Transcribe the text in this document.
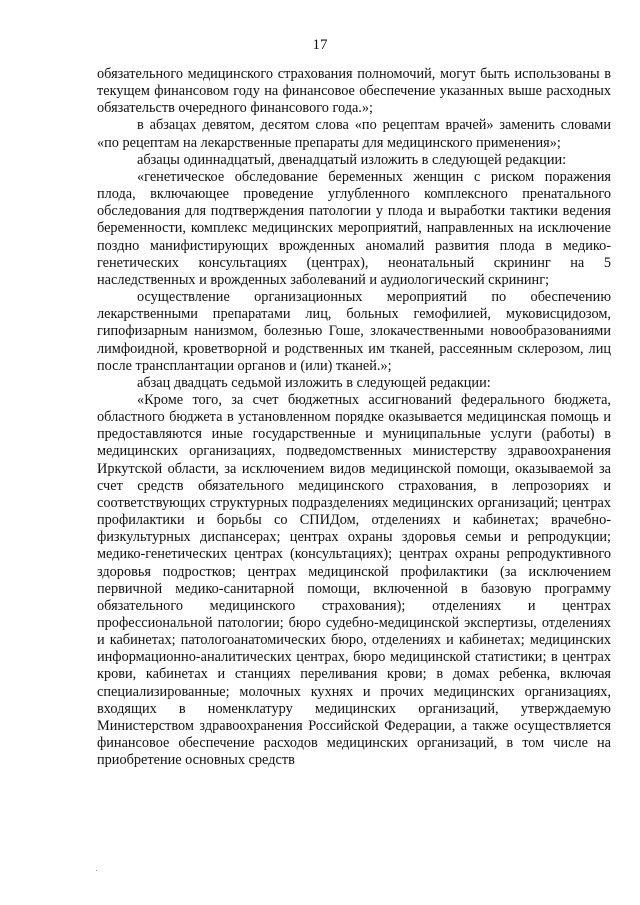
17

обязательного медицинского страхования полномочий, могут быть использованы в текущем финансовом году на финансовое обеспечение указанных выше расходных обязательств очередного финансового года.»;

в абзацах девятом, десятом слова «по рецептам врачей» заменить словами «по рецептам на лекарственные препараты для медицинского применения»;

абзацы одиннадцатый, двенадцатый изложить в следующей редакции:

«генетическое обследование беременных женщин с риском поражения плода, включающее проведение углубленного комплексного пренатального обследования для подтверждения патологии у плода и выработки тактики ведения беременности, комплекс медицинских мероприятий, направленных на исключение поздно манифистирующих врожденных аномалий развития плода в медико-генетических консультациях (центрах), неонатальный скрининг на 5 наследственных и врожденных заболеваний и аудиологический скрининг;

осуществление организационных мероприятий по обеспечению лекарственными препаратами лиц, больных гемофилией, муковисцидозом, гипофизарным нанизмом, болезнью Гоше, злокачественными новообразованиями лимфоидной, кроветворной и родственных им тканей, рассеянным склерозом, лиц после трансплантации органов и (или) тканей.»;

абзац двадцать седьмой изложить в следующей редакции:

«Кроме того, за счет бюджетных ассигнований федерального бюджета, областного бюджета в установленном порядке оказывается медицинская помощь и предоставляются иные государственные и муниципальные услуги (работы) в медицинских организациях, подведомственных министерству здравоохранения Иркутской области, за исключением видов медицинской помощи, оказываемой за счет средств обязательного медицинского страхования, в лепрозориях и соответствующих структурных подразделениях медицинских организаций; центрах профилактики и борьбы со СПИДом, отделениях и кабинетах; врачебно-физкультурных диспансерах; центрах охраны здоровья семьи и репродукции; медико-генетических центрах (консультациях); центрах охраны репродуктивного здоровья подростков; центрах медицинской профилактики (за исключением первичной медико-санитарной помощи, включенной в базовую программу обязательного медицинского страхования); отделениях и центрах профессиональной патологии; бюро судебно-медицинской экспертизы, отделениях и кабинетах; патологоанатомических бюро, отделениях и кабинетах; медицинских информационно-аналитических центрах, бюро медицинской статистики; в центрах крови, кабинетах и станциях переливания крови; в домах ребенка, включая специализированные; молочных кухнях и прочих медицинских организациях, входящих в номенклатуру медицинских организаций, утверждаемую Министерством здравоохранения Российской Федерации, а также осуществляется финансовое обеспечение расходов медицинских организаций, в том числе на приобретение основных средств
